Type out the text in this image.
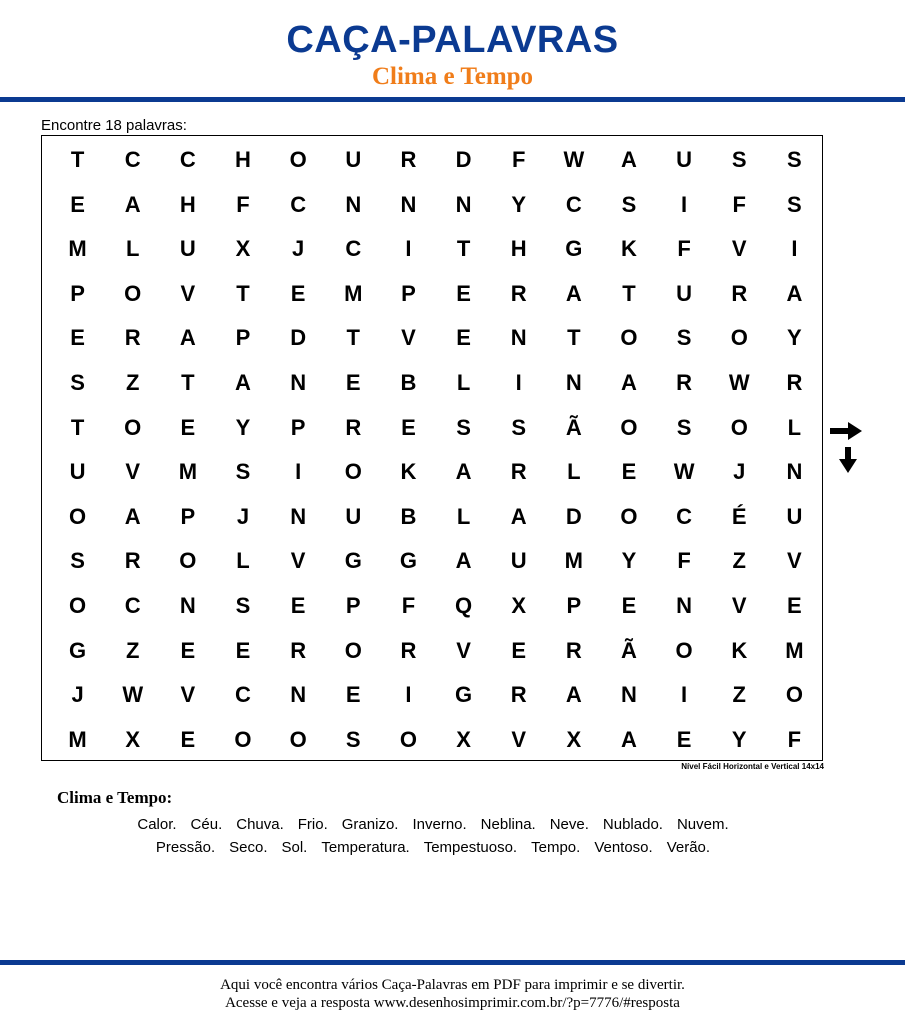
CAÇA-PALAVRAS
Clima e Tempo
Encontre 18 palavras:
T	C	C	H	O	U	R	D	F	W	A	U	S	S
E	A	H	F	C	N	N	N	Y	C	S	I	F	S
M	L	U	X	J	C	I	T	H	G	K	F	V	I
P	O	V	T	E	M	P	E	R	A	T	U	R	A
E	R	A	P	D	T	V	E	N	T	O	S	O	Y
S	Z	T	A	N	E	B	L	I	N	A	R	W	R
T	O	E	Y	P	R	E	S	S	Ã	O	S	O	L
U	V	M	S	I	O	K	A	R	L	E	W	J	N
O	A	P	J	N	U	B	L	A	D	O	C	É	U
S	R	O	L	V	G	G	A	U	M	Y	F	Z	V
O	C	N	S	E	P	F	Q	X	P	E	N	V	E
G	Z	E	E	R	O	R	V	E	R	Ã	O	K	M
J	W	V	C	N	E	I	G	R	A	N	I	Z	O
M	X	E	O	O	S	O	X	V	X	A	E	Y	F
Nível Fácil Horizontal e Vertical 14x14
Clima e Tempo:
Calor. Céu. Chuva. Frio. Granizo. Inverno. Neblina. Neve. Nublado. Nuvem.
Pressão. Seco. Sol. Temperatura. Tempestuoso. Tempo. Ventoso. Verão.
Aqui você encontra vários Caça-Palavras em PDF para imprimir e se divertir.
Acesse e veja a resposta www.desenhosimprimir.com.br/?p=7776/#resposta
